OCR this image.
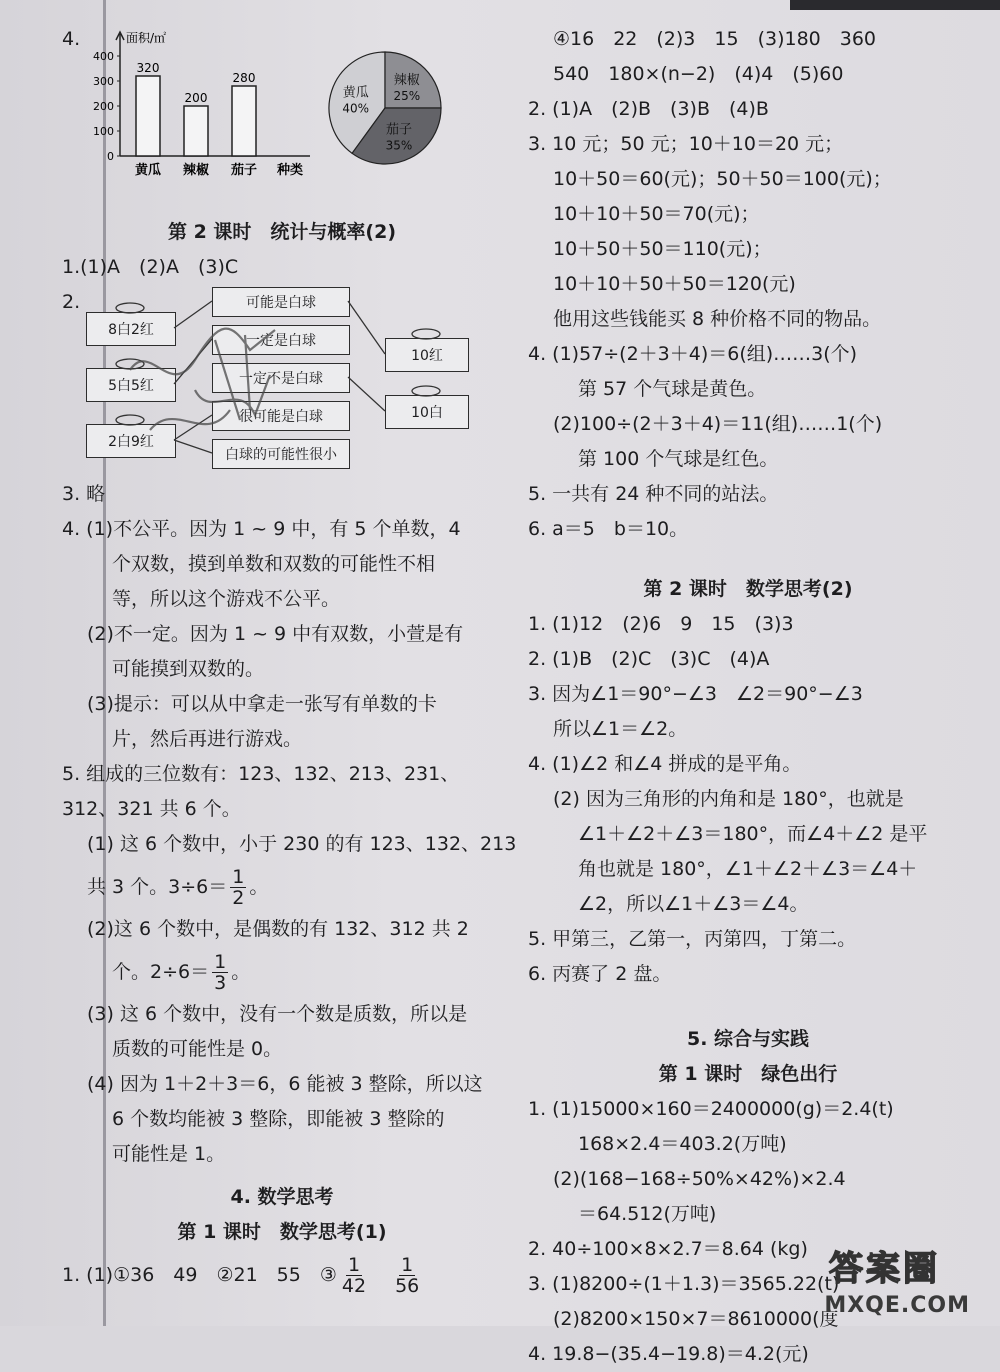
4.	面积/㎡
400
300
200
100
0
320
黄瓜
200
辣椒
280
茄子 种类
黄瓜
40%
辣椒
25%
茄子
35%

第 2 课时　统计与概率(2)

1.(1)A　(2)A　(3)C

2.

8白2红
5白5红
2白9红
可能是白球
一定是白球
一定不是白球
很可能是白球
白球的可能性很小
10红
10白

3. 略

4. (1)不公平。因为 1 ~ 9 中，有 5 个单数，4

个双数，摸到单数和双数的可能性不相

等，所以这个游戏不公平。

(2)不一定。因为 1 ~ 9 中有双数，小萱是有

可能摸到双数的。

(3)提示：可以从中拿走一张写有单数的卡

片，然后再进行游戏。

5. 组成的三位数有：123、132、213、231、

312、321 共 6 个。

(1) 这 6 个数中，小于 230 的有 123、132、213

共 3 个。$3\div 6= \frac{1}{2}$ 。

(2)这 6 个数中，是偶数的有 132、312 共 2

个。$2\div 6= \frac{1}{3}$ 。

(3) 这 6 个数中，没有一个数是质数，所以是

质数的可能性是 0。

(4) 因为 1＋2＋3＝6，6 能被 3 整除，所以这

6 个数均能被 3 整除，即能被 3 整除的

可能性是 1。

4. 数学思考

第 1 课时　数学思考(1)

1. (1)①36　49　②21　55　③ $\frac{1}{42}$
　 $\frac{1}{56}$

④16　22　(2)3　15　(3)180　360

540　180×(n−2)　(4)4　(5)60

2. (1)A　(2)B　(3)B　(4)B

3. 10 元；50 元；10＋10＝20 元；

10＋50＝60(元)；50＋50＝100(元)；

10＋10＋50＝70(元)；

10＋50＋50＝110(元)；

10＋10＋50＋50＝120(元)

他用这些钱能买 8 种价格不同的物品。

4. (1)57÷(2＋3＋4)＝6(组)……3(个)

第 57 个气球是黄色。

(2)100÷(2＋3＋4)＝11(组)……1(个)

第 100 个气球是红色。

5. 一共有 24 种不同的站法。

6. a＝5　b＝10。

第 2 课时　数学思考(2)

1. (1)12　(2)6　9　15　(3)3

2. (1)B　(2)C　(3)C　(4)A

3. 因为∠1＝90°−∠3　∠2＝90°−∠3

所以∠1＝∠2。

4. (1)∠2 和∠4 拼成的是平角。

(2) 因为三角形的内角和是 180°，也就是

∠1＋∠2＋∠3＝180°，而∠4＋∠2 是平

角也就是 180°，∠1＋∠2＋∠3＝∠4＋

∠2，所以∠1＋∠3＝∠4。

5. 甲第三，乙第一，丙第四，丁第二。

6. 丙赛了 2 盘。

5. 综合与实践

第 1 课时　绿色出行

1. (1)15000×160＝2400000(g)＝2.4(t)

168×2.4＝403.2(万吨)

(2)(168−168÷50%×42%)×2.4

＝64.512(万吨)

2. 40÷100×8×2.7＝8.64 (kg)

3. (1)8200÷(1＋1.3)＝3565.22(t)

(2)8200×150×7＝8610000(度

4. 19.8−(35.4−19.8)＝4.2(元)

答案圈
MXQE.COM
